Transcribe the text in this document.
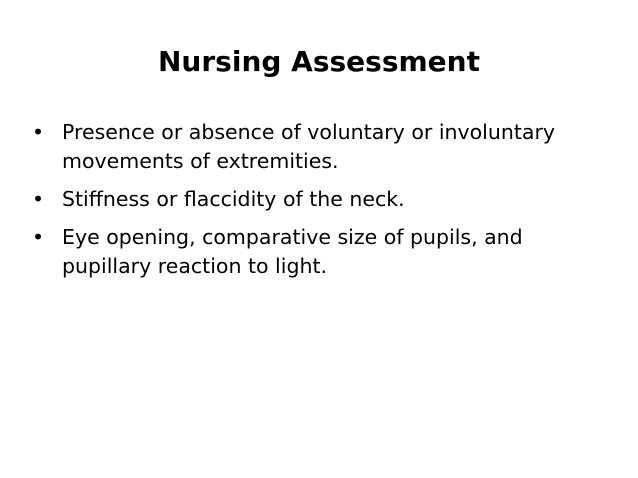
Nursing Assessment
• Presence or absence of voluntary or involuntary movements of extremities.
• Stiffness or flaccidity of the neck.
• Eye opening, comparative size of pupils, and pupillary reaction to light.
